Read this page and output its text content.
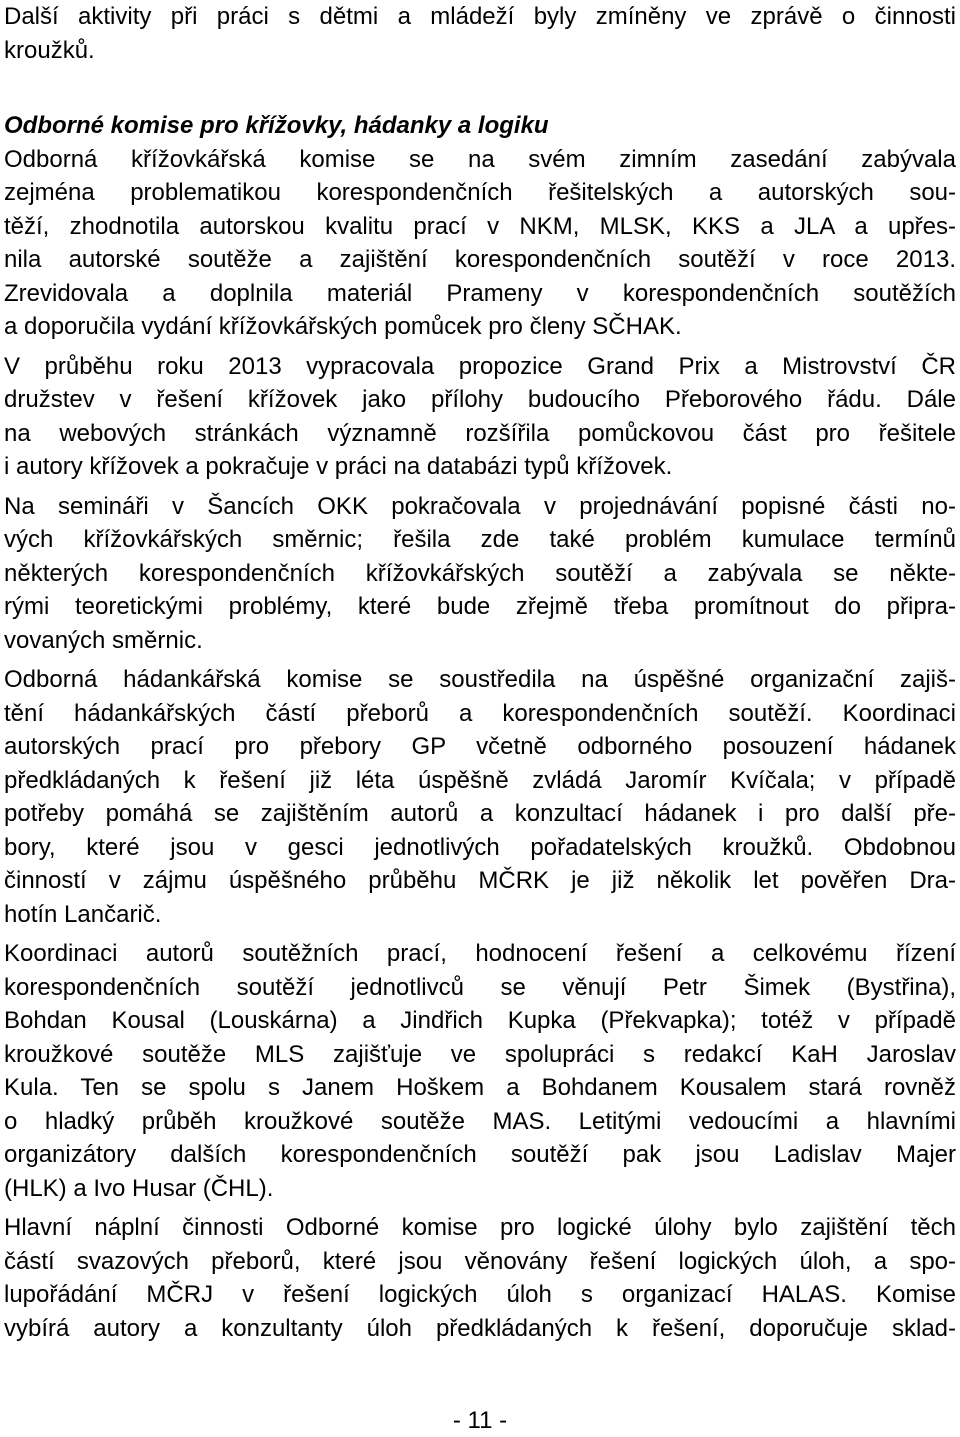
Další aktivity při práci s dětmi a mládeží byly zmíněny ve zprávě o činnosti
kroužků.
Odborné komise pro křížovky, hádanky a logiku
Odborná křížovkářská komise se na svém zimním zasedání zabývala
zejména problematikou korespondenčních řešitelských a autorských sou-
těží, zhodnotila autorskou kvalitu prací v NKM, MLSK, KKS a JLA a upřes-
nila autorské soutěže a zajištění korespondenčních soutěží v roce 2013.
Zrevidovala a doplnila materiál Prameny v korespondenčních soutěžích
a doporučila vydání křížovkářských pomůcek pro členy SČHAK.
V průběhu roku 2013 vypracovala propozice Grand Prix a Mistrovství ČR
družstev v řešení křížovek jako přílohy budoucího Přeborového řádu. Dále
na webových stránkách významně rozšířila pomůckovou část pro řešitele
i autory křížovek a pokračuje v práci na databázi typů křížovek.
Na semináři v Šancích OKK pokračovala v projednávání popisné části no-
vých křížovkářských směrnic; řešila zde také problém kumulace termínů
některých korespondenčních křížovkářských soutěží a zabývala se někte-
rými teoretickými problémy, které bude zřejmě třeba promítnout do připra-
vovaných směrnic.
Odborná hádankářská komise se soustředila na úspěšné organizační zajiš-
tění hádankářských částí přeborů a korespondenčních soutěží. Koordinaci
autorských prací pro přebory GP včetně odborného posouzení hádanek
předkládaných k řešení již léta úspěšně zvládá Jaromír Kvíčala; v případě
potřeby pomáhá se zajištěním autorů a konzultací hádanek i pro další pře-
bory, které jsou v gesci jednotlivých pořadatelských kroužků. Obdobnou
činností v zájmu úspěšného průběhu MČRK je již několik let pověřen Dra-
hotín Lančarič.
Koordinaci autorů soutěžních prací, hodnocení řešení a celkovému řízení
korespondenčních soutěží jednotlivců se věnují Petr Šimek (Bystřina),
Bohdan Kousal (Louskárna) a Jindřich Kupka (Překvapka); totéž v případě
kroužkové soutěže MLS zajišťuje ve spolupráci s redakcí KaH Jaroslav
Kula. Ten se spolu s Janem Hoškem a Bohdanem Kousalem stará rovněž
o hladký průběh kroužkové soutěže MAS. Letitými vedoucími a hlavními
organizátory dalších korespondenčních soutěží pak jsou Ladislav Majer
(HLK) a Ivo Husar (ČHL).
Hlavní náplní činnosti Odborné komise pro logické úlohy bylo zajištění těch
částí svazových přeborů, které jsou věnovány řešení logických úloh, a spo-
lupořádání MČRJ v řešení logických úloh s organizací HALAS. Komise
vybírá autory a konzultanty úloh předkládaných k řešení, doporučuje sklad-
- 11 -
